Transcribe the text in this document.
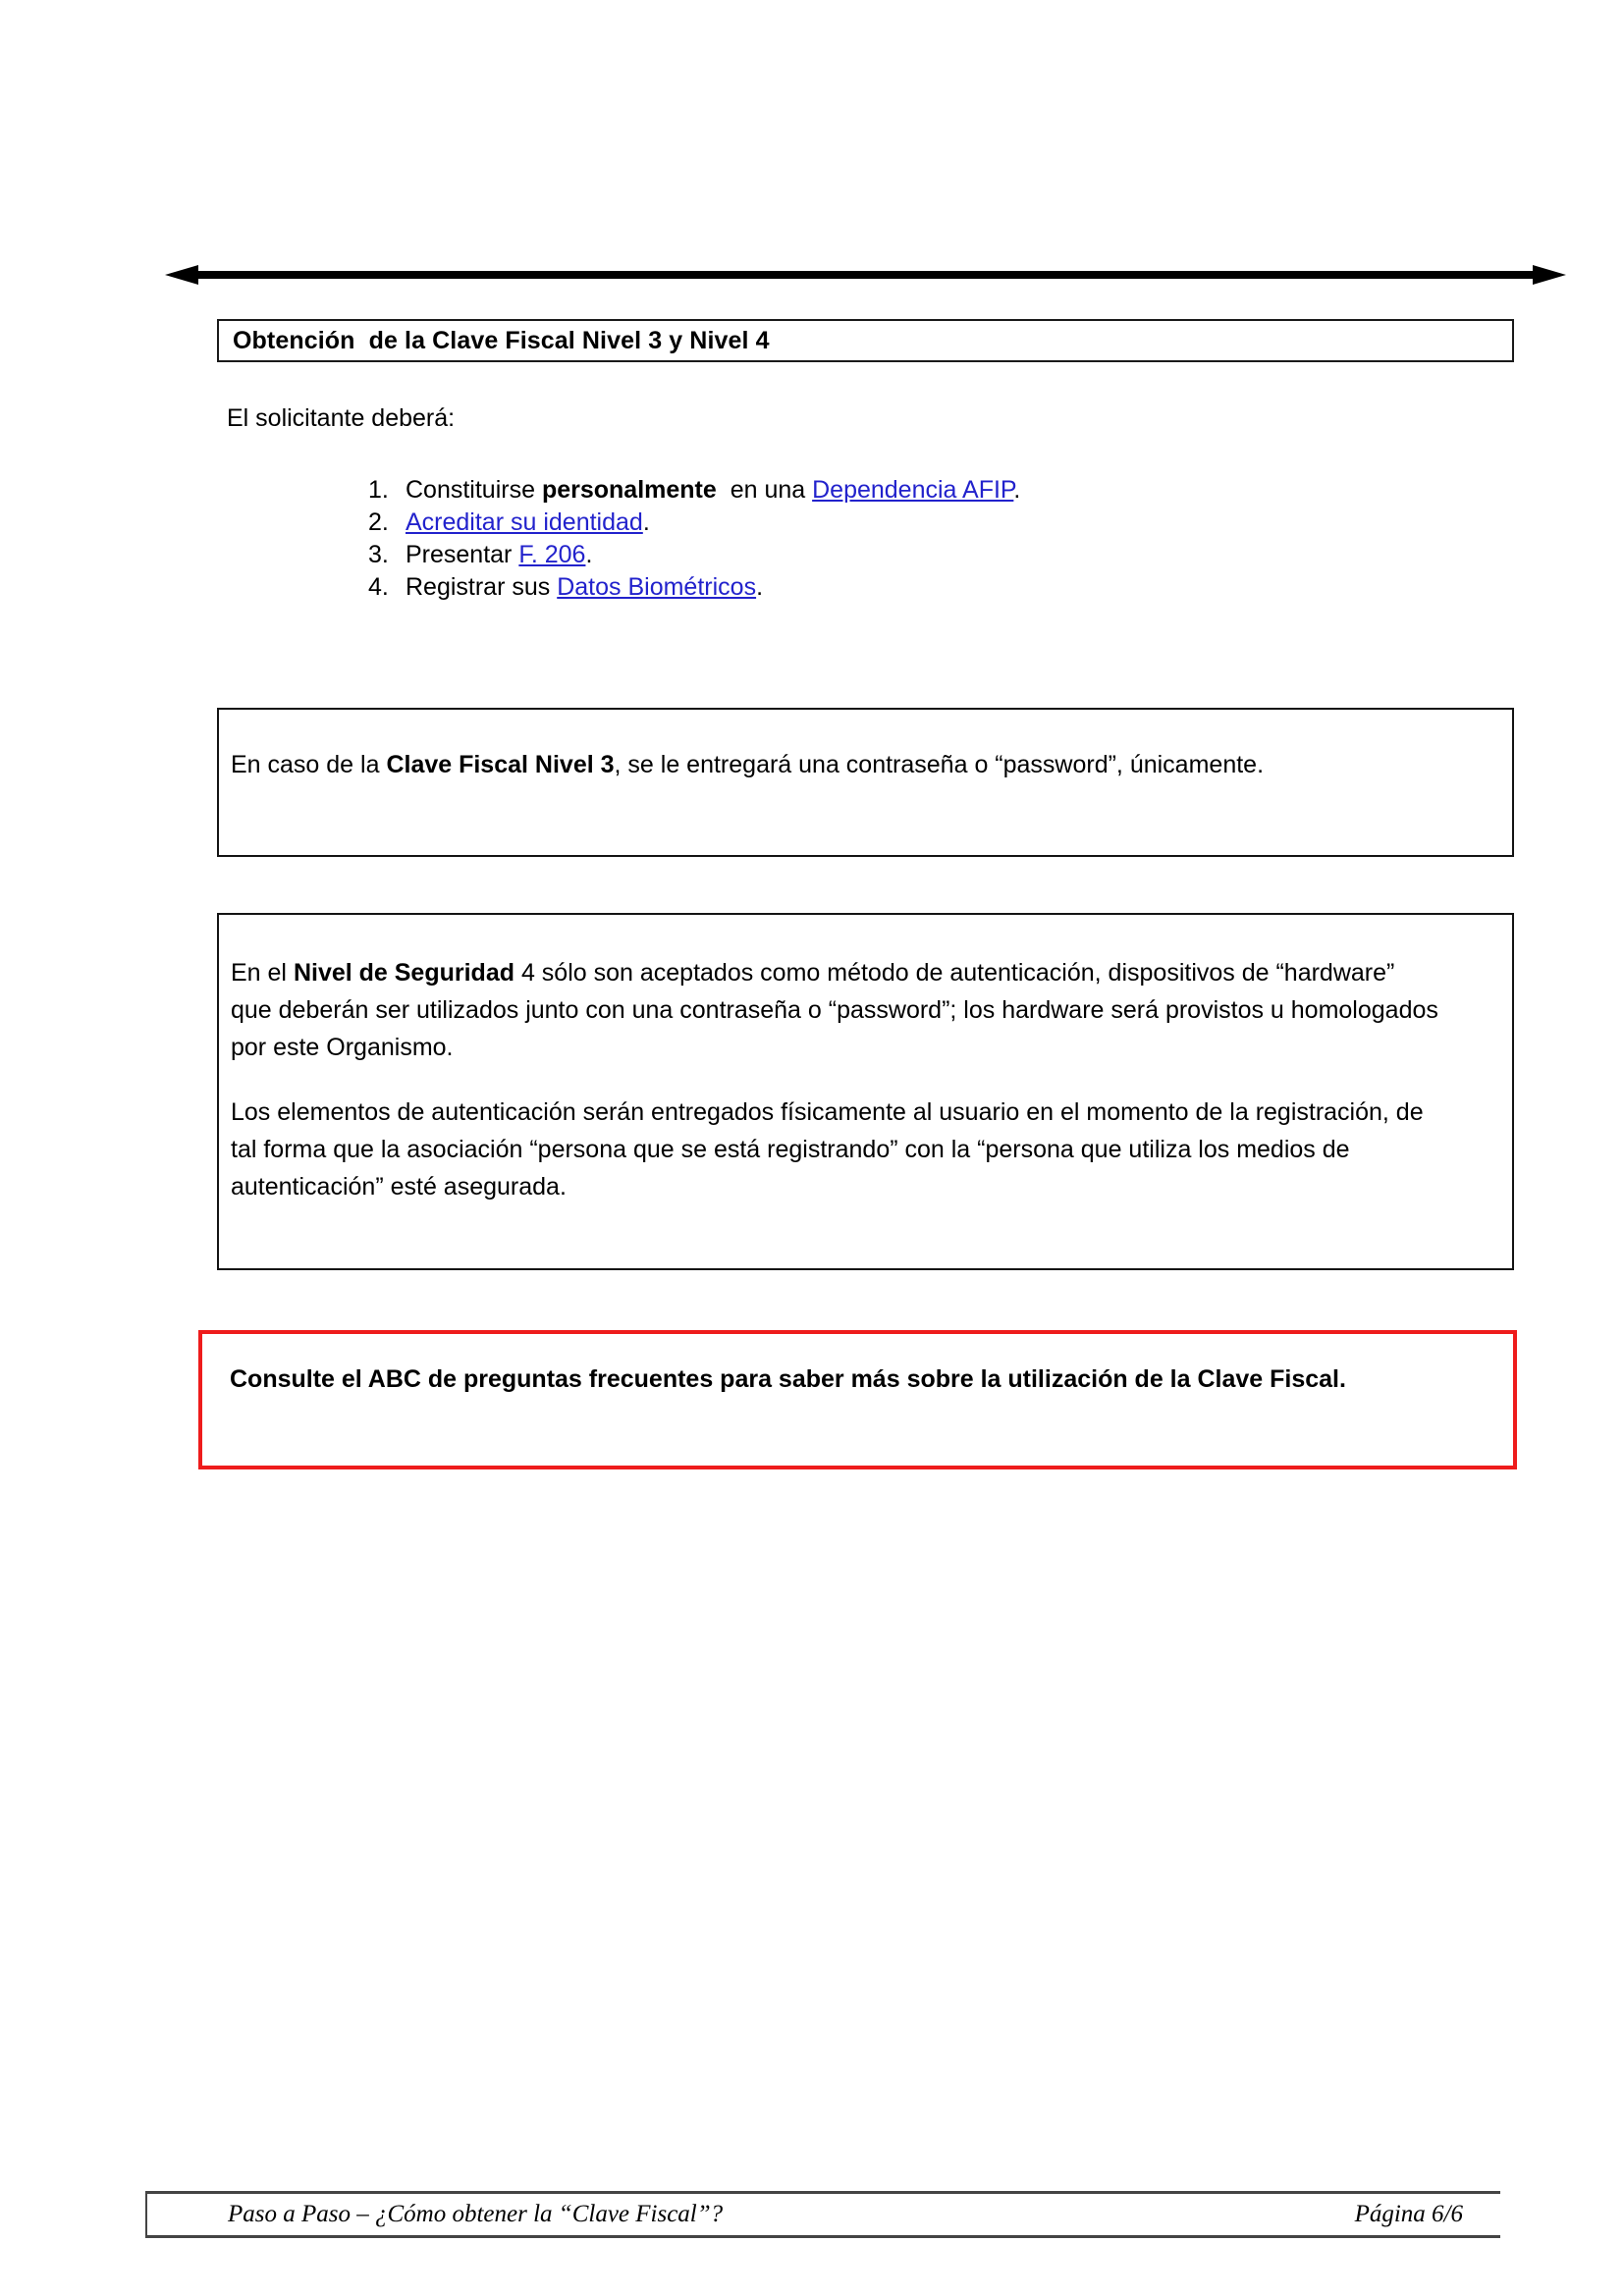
Obtención  de la Clave Fiscal Nivel 3 y Nivel 4
El solicitante deberá:
1. Constituirse personalmente  en una Dependencia AFIP.
2. Acreditar su identidad.
3. Presentar F. 206.
4. Registrar sus Datos Biométricos.

En caso de la Clave Fiscal Nivel 3, se le entregará una contraseña o “password”, únicamente.

En el Nivel de Seguridad 4 sólo son aceptados como método de autenticación, dispositivos de “hardware” que deberán ser utilizados junto con una contraseña o “password”; los hardware será provistos u homologados por este Organismo.

Los elementos de autenticación serán entregados físicamente al usuario en el momento de la registración, de tal forma que la asociación “persona que se está registrando” con la “persona que utiliza los medios de autenticación” esté asegurada.

Consulte el ABC de preguntas frecuentes para saber más sobre la utilización de la Clave Fiscal.

Paso a Paso – ¿Cómo obtener la “Clave Fiscal”?	Página 6/6
